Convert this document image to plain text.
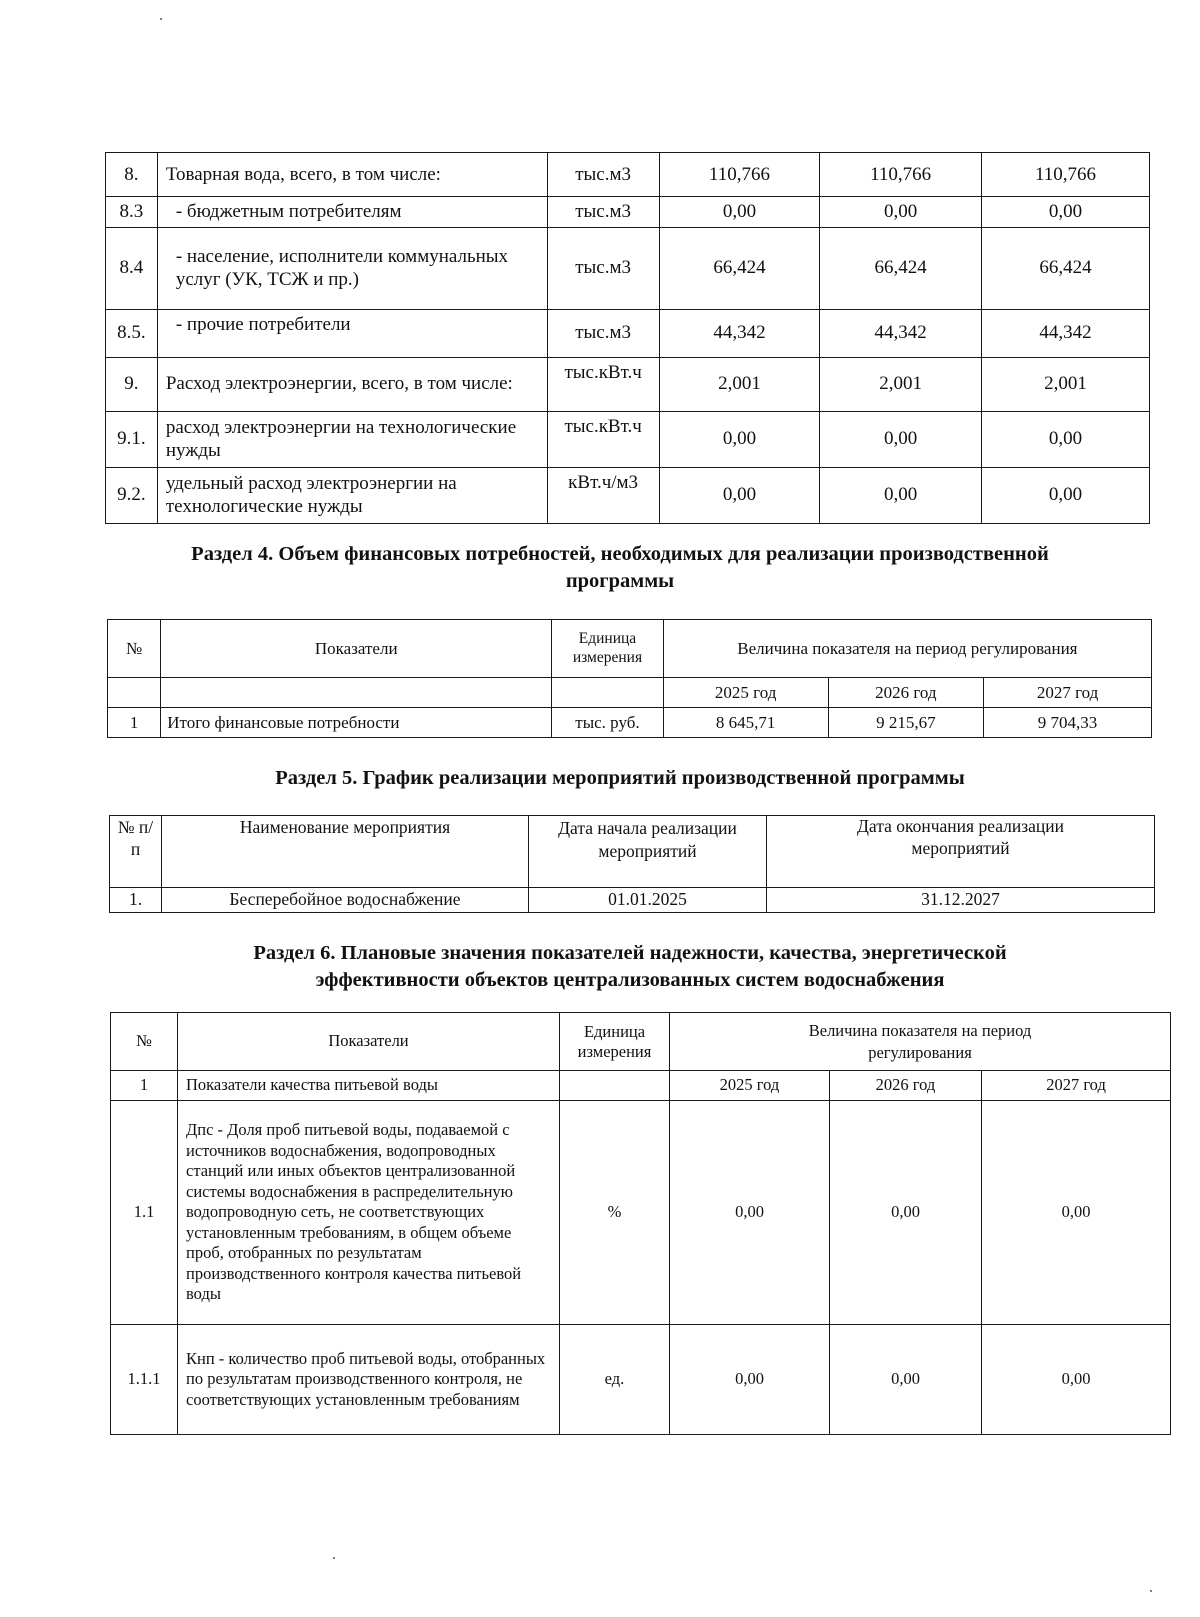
8.	Товарная вода, всего, в том числе:	тыс.м3	110,766	110,766	110,766
8.3	- бюджетным потребителям	тыс.м3	0,00	0,00	0,00
8.4	- население, исполнители коммунальных услуг (УК, ТСЖ и пр.)	тыс.м3	66,424	66,424	66,424
8.5.	- прочие потребители	тыс.м3	44,342	44,342	44,342
9.	Расход электроэнергии, всего, в том числе:	тыс.кВт.ч	2,001	2,001	2,001
9.1.	расход электроэнергии на технологические нужды	тыс.кВт.ч	0,00	0,00	0,00
9.2.	удельный расход электроэнергии на технологические нужды	кВт.ч/м3	0,00	0,00	0,00
Раздел 4. Объем финансовых потребностей, необходимых для реализации производственной
программы
№	Показатели	Единица измерения	Величина показателя на период регулирования		
			2025 год	2026 год	2027 год
1	Итого финансовые потребности	тыс. руб.	8 645,71	9 215,67	9 704,33
Раздел 5. График реализации мероприятий производственной программы
№ п/п	Наименование мероприятия	Дата начала реализации мероприятий	Дата окончания реализации мероприятий
1.	Бесперебойное водоснабжение	01.01.2025	31.12.2027
Раздел 6. Плановые значения показателей надежности, качества, энергетической
эффективности объектов централизованных систем водоснабжения
№	Показатели	Единица измерения	Величина показателя на период регулирования		
1	Показатели качества питьевой воды		2025 год	2026 год	2027 год
1.1	Дпс - Доля проб питьевой воды, подаваемой с источников водоснабжения, водопроводных станций или иных объектов централизованной системы водоснабжения в распределительную водопроводную сеть, не соответствующих установленным требованиям, в общем объеме проб, отобранных по результатам производственного контроля качества питьевой воды	%	0,00	0,00	0,00
1.1.1	Кнп - количество проб питьевой воды, отобранных по результатам производственного контроля, не соответствующих установленным требованиям	ед.	0,00	0,00	0,00
